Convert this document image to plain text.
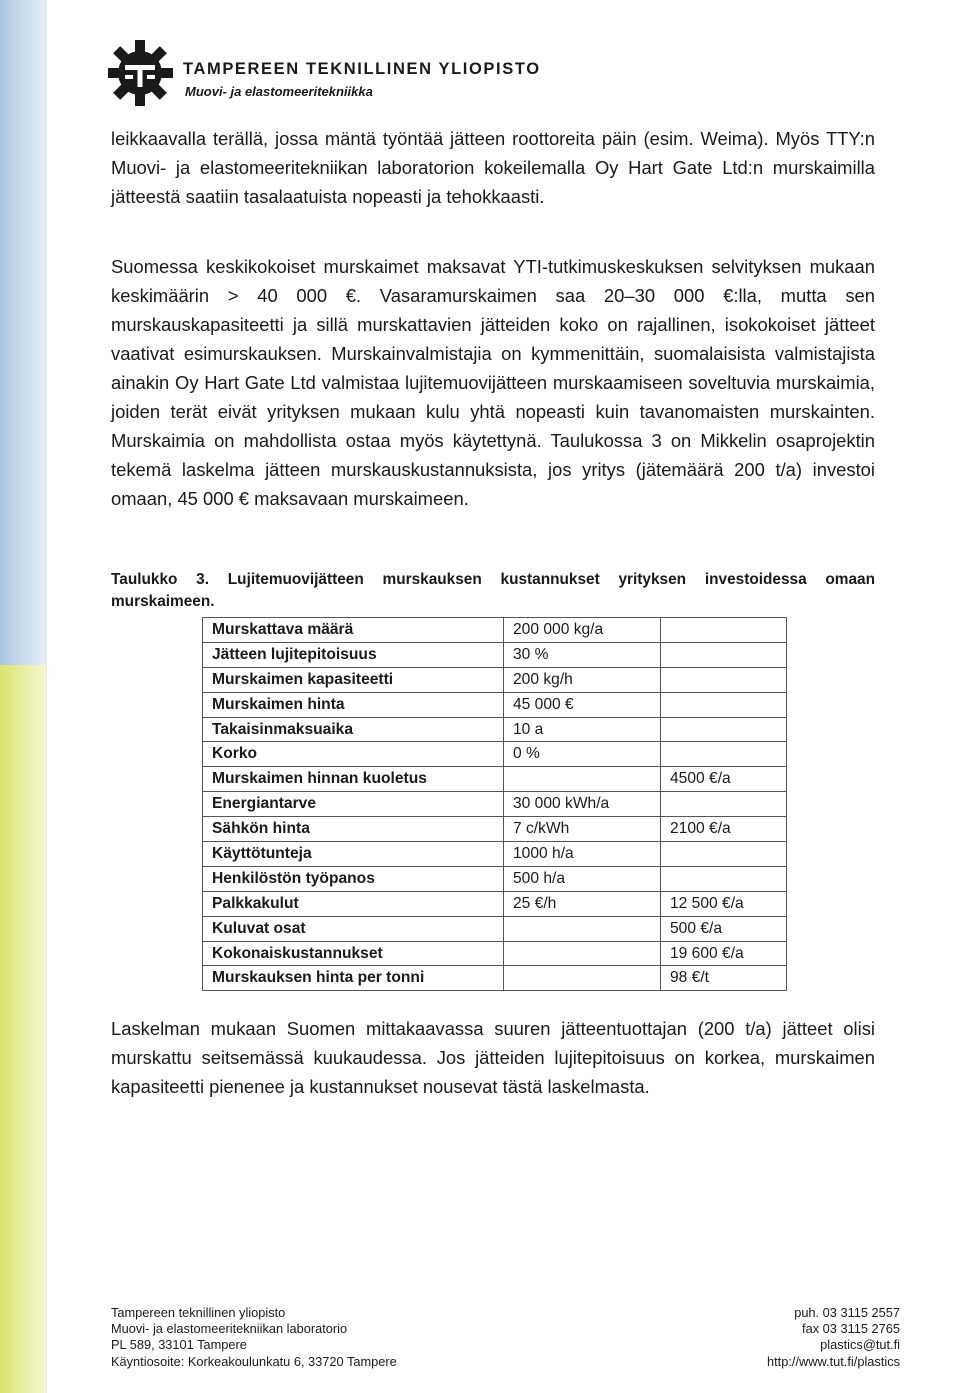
TAMPEREEN TEKNILLINEN YLIOPISTO
Muovi- ja elastomeeritekniikka
leikkaavalla terällä, jossa mäntä työntää jätteen roottoreita päin (esim. Weima). Myös TTY:n Muovi- ja elastomeeritekniikan laboratorion kokeilemalla Oy Hart Gate Ltd:n murskaimilla jätteestä saatiin tasalaatuista nopeasti ja tehokkaasti.
Suomessa keskikokoiset murskaimet maksavat YTI-tutkimuskeskuksen selvityksen mukaan keskimäärin > 40 000 €. Vasaramurskaimen saa 20–30 000 €:lla, mutta sen murskauskapasiteetti ja sillä murskattavien jätteiden koko on rajallinen, isokokoiset jätteet vaativat esimurskauksen. Murskainvalmistajia on kymmenittäin, suomalaisista valmistajista ainakin Oy Hart Gate Ltd valmistaa lujitemuovijätteen murskaamiseen soveltuvia murskaimia, joiden terät eivät yrityksen mukaan kulu yhtä nopeasti kuin tavanomaisten murskainten. Murskaimia on mahdollista ostaa myös käytettynä. Taulukossa 3 on Mikkelin osaprojektin tekemä laskelma jätteen murskauskustannuksista, jos yritys (jätemäärä 200 t/a) investoi omaan, 45 000 € maksavaan murskaimeen.
Taulukko 3. Lujitemuovijätteen murskauksen kustannukset yrityksen investoidessa omaan murskaimeen.
Murskattava määrä	200 000 kg/a	
Jätteen lujitepitoisuus	30 %	
Murskaimen kapasiteetti	200 kg/h	
Murskaimen hinta	45 000 €	
Takaisinmaksuaika	10 a	
Korko	0 %	
Murskaimen hinnan kuoletus		4500 €/a
Energiantarve	30 000 kWh/a	
Sähkön hinta	7 c/kWh	2100 €/a
Käyttötunteja	1000 h/a	
Henkilöstön työpanos	500 h/a	
Palkkakulut	25 €/h	12 500 €/a
Kuluvat osat		500 €/a
Kokonaiskustannukset		19 600 €/a
Murskauksen hinta per tonni		98 €/t
Laskelman mukaan Suomen mittakaavassa suuren jätteentuottajan (200 t/a) jätteet olisi murskattu seitsemässä kuukaudessa. Jos jätteiden lujitepitoisuus on korkea, murskaimen kapasiteetti pienenee ja kustannukset nousevat tästä laskelmasta.
Tampereen teknillinen yliopisto
Muovi- ja elastomeeritekniikan laboratorio
PL 589, 33101 Tampere
Käyntiosoite: Korkeakoulunkatu 6, 33720 Tampere
puh. 03 3115 2557
fax 03 3115 2765
plastics@tut.fi
http://www.tut.fi/plastics
